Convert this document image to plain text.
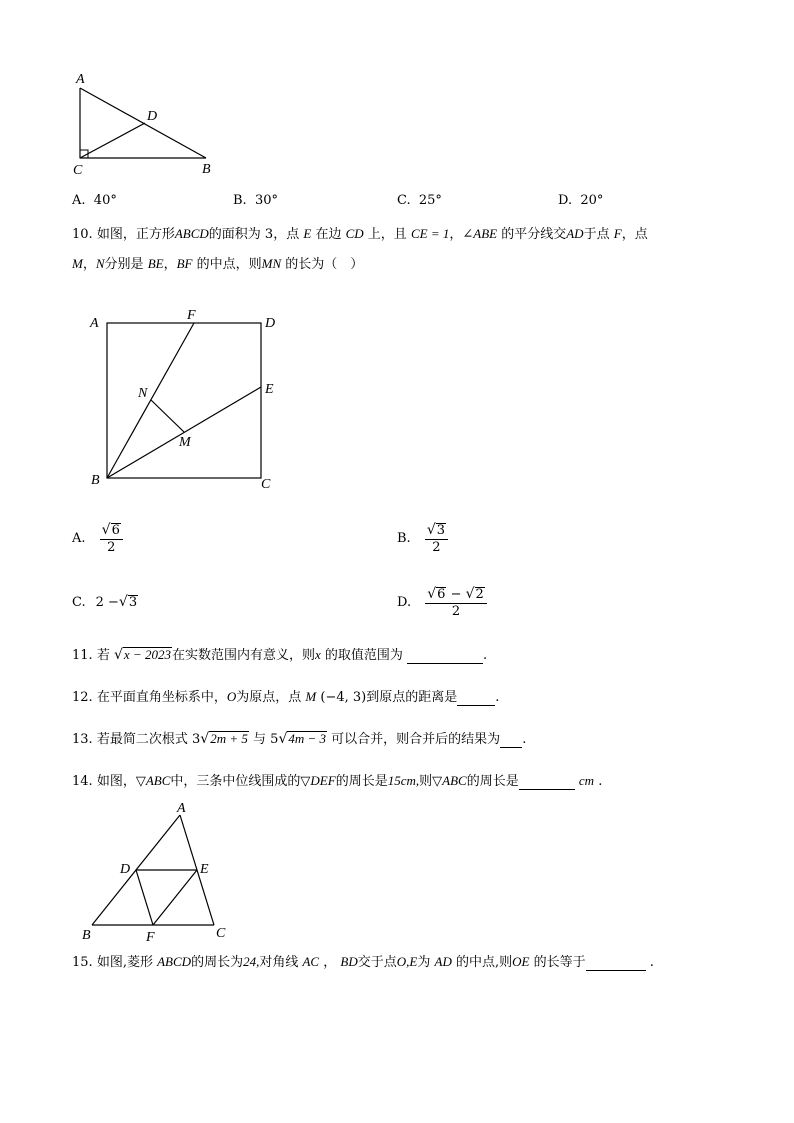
A
D
C	B
A. 40°	B. 30°	C. 25°	D. 20°
10. 如图，正方形ABCD的面积为 3，点 E 在边 CD 上，且 CE = 1，∠ABE 的平分线交AD于点 F，点
M，N分别是 BE，BF 的中点，则MN 的长为（　）
A
F
D
E
N
M
B	C
A. $\frac{√6}{2}$	B. $\frac{√3}{2}$
C. 2 −√3	D. $\frac{√6 - √2}{2}$
11. 若 √x − 2023在实数范围内有意义，则x 的取值范围为	.
12. 在平面直角坐标系中，O为原点，点 M (−4, 3)到原点的距离是	.
13. 若最简二次根式 3√2m + 5 与 5√4m − 3 可以合并，则合并后的结果为 .
14. 如图，▽ABC中，三条中位线围成的▽DEF的周长是15cm,则▽ABC的周长是	cm .
A
D	E
B	F	C
15. 如图,菱形 ABCD的周长为24,对角线 AC ， BD交于点O,E为 AD 的中点,则OE 的长等于	.
